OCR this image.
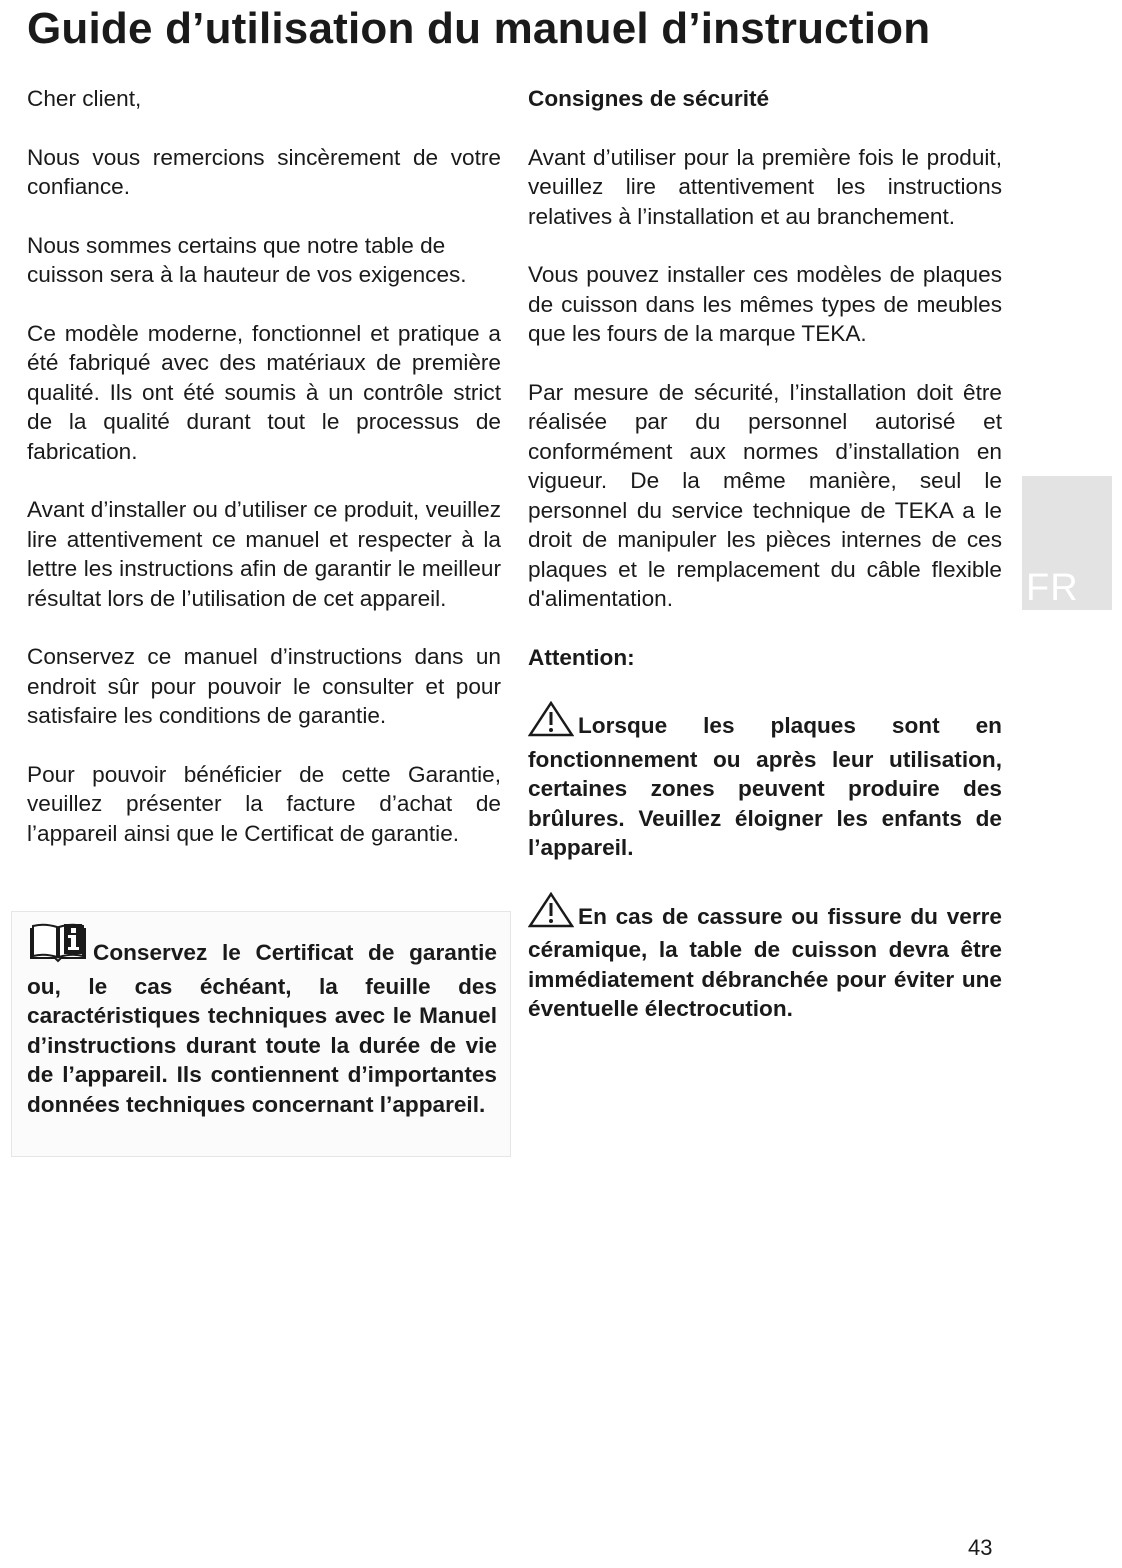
Guide d’utilisation du manuel d’instruction

Cher client,

Nous vous remercions sincèrement de votre confiance.

Nous sommes certains que notre table de cuisson sera à la hauteur de vos exigences.

Ce modèle moderne, fonctionnel et pratique a été fabriqué avec des matériaux de première qualité. Ils ont été soumis à un contrôle strict de la qualité durant tout le processus de fabrication.

Avant d’installer ou d’utiliser ce produit, veuillez lire attentivement ce manuel et respecter à la lettre les instructions afin de garantir le meilleur résultat lors de l’utilisation de cet appareil.

Conservez ce manuel d’instructions dans un endroit sûr pour pouvoir le consulter et pour satisfaire les conditions de garantie.

Pour pouvoir bénéficier de cette Garantie, veuillez présenter la facture d’achat de l’appareil ainsi que le Certificat de garantie.

Conservez le Certificat de garantie ou, le cas échéant, la feuille des caractéristiques techniques avec le Manuel d’instructions durant toute la durée de vie de l’appareil. Ils contiennent d’importantes données techniques concernant l’appareil.

Consignes de sécurité

Avant d’utiliser pour la première fois le produit, veuillez lire attentivement les instructions relatives à l’installation et au branchement.

Vous pouvez installer ces modèles de plaques de cuisson dans les mêmes types de meubles que les fours de la marque TEKA.

Par mesure de sécurité, l’installation doit être réalisée par du personnel autorisé et conformément aux normes d’installation en vigueur. De la même manière, seul le personnel du service technique de TEKA a le droit de manipuler les pièces internes de ces plaques et le remplacement du câble flexible d'alimentation.

Attention:

Lorsque les plaques sont en fonctionnement ou après leur utilisation, certaines zones peuvent produire des brûlures. Veuillez éloigner les enfants de l’appareil.

En cas de cassure ou fissure du verre céramique, la table de cuisson devra être immédiatement débranchée pour éviter une éventuelle électrocution.

FR
43
